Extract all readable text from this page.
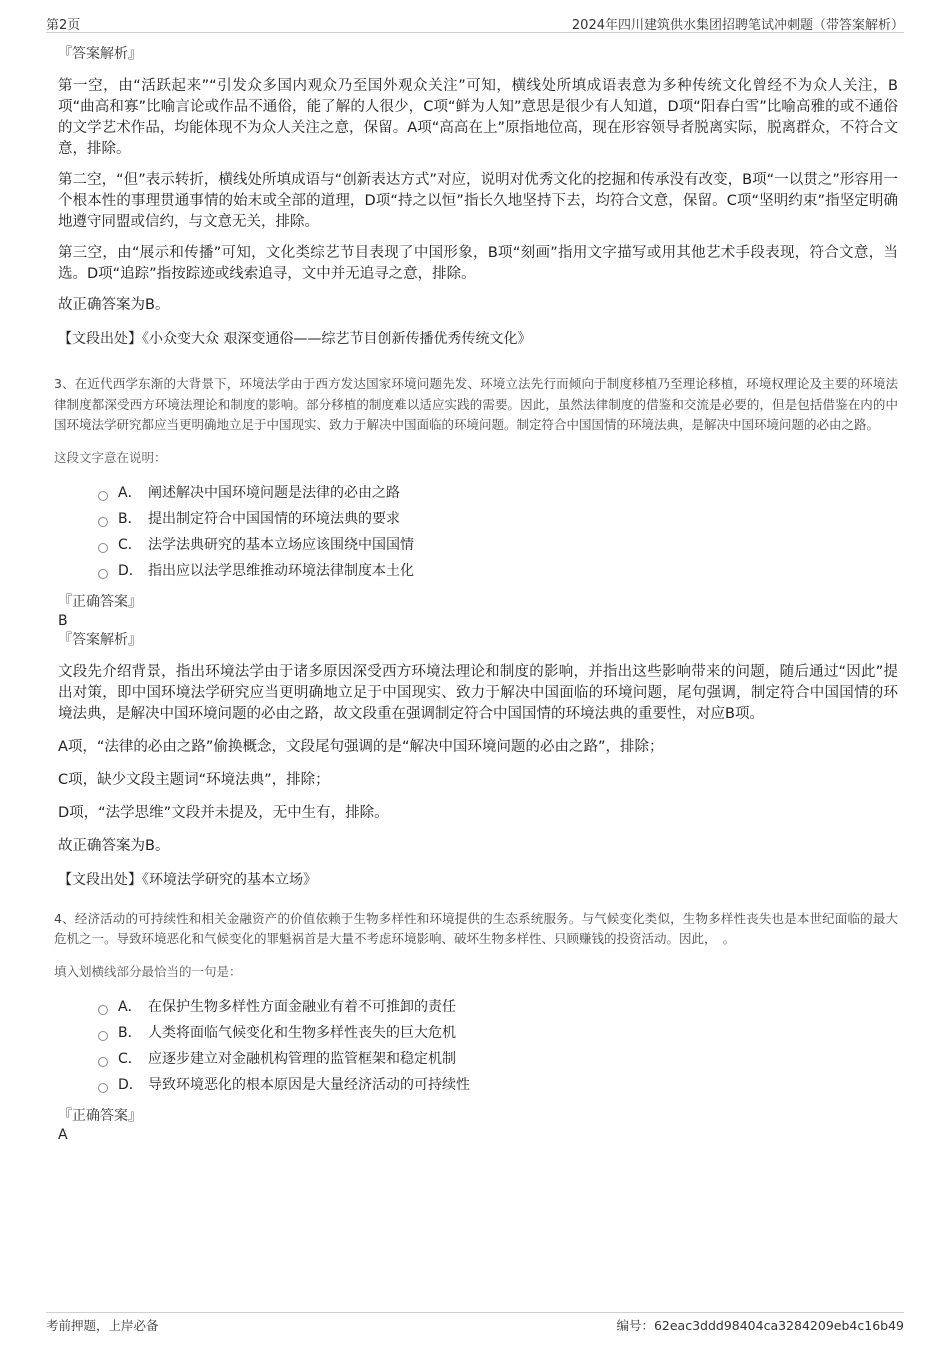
第2页	2024年四川建筑供水集团招聘笔试冲刺题（带答案解析）

『答案解析』

第一空，由“活跃起来”“引发众多国内观众乃至国外观众关注”可知，横线处所填成语表意为多种传统文化曾经不为众人关注，B项“曲高和寡”比喻言论或作品不通俗，能了解的人很少，C项“鲜为人知”意思是很少有人知道，D项“阳春白雪”比喻高雅的或不通俗的文学艺术作品，均能体现不为众人关注之意，保留。A项“高高在上”原指地位高，现在形容领导者脱离实际，脱离群众，不符合文意，排除。

第二空，“但”表示转折，横线处所填成语与“创新表达方式”对应，说明对优秀文化的挖掘和传承没有改变，B项“一以贯之”形容用一个根本性的事理贯通事情的始末或全部的道理，D项“持之以恒”指长久地坚持下去，均符合文意，保留。C项“坚明约束”指坚定明确地遵守同盟或信约，与文意无关，排除。

第三空，由“展示和传播”可知，文化类综艺节目表现了中国形象，B项“刻画”指用文字描写或用其他艺术手段表现，符合文意，当选。D项“追踪”指按踪迹或线索追寻，文中并无追寻之意，排除。

故正确答案为B。

【文段出处】《小众变大众 艰深变通俗——综艺节目创新传播优秀传统文化》

3、在近代西学东渐的大背景下，环境法学由于西方发达国家环境问题先发、环境立法先行而倾向于制度移植乃至理论移植，环境权理论及主要的环境法律制度都深受西方环境法理论和制度的影响。部分移植的制度难以适应实践的需要。因此，虽然法律制度的借鉴和交流是必要的，但是包括借鉴在内的中国环境法学研究都应当更明确地立足于中国现实、致力于解决中国面临的环境问题。制定符合中国国情的环境法典，是解决中国环境问题的必由之路。

这段文字意在说明：

A． 阐述解决中国环境问题是法律的必由之路
B． 提出制定符合中国国情的环境法典的要求
C． 法学法典研究的基本立场应该围绕中国国情
D． 指出应以法学思维推动环境法律制度本土化

『正确答案』

B

『答案解析』

文段先介绍背景，指出环境法学由于诸多原因深受西方环境法理论和制度的影响，并指出这些影响带来的问题，随后通过“因此”提出对策，即中国环境法学研究应当更明确地立足于中国现实、致力于解决中国面临的环境问题，尾句强调，制定符合中国国情的环境法典，是解决中国环境问题的必由之路，故文段重在强调制定符合中国国情的环境法典的重要性，对应B项。

A项，“法律的必由之路”偷换概念，文段尾句强调的是“解决中国环境问题的必由之路”，排除；

C项，缺少文段主题词“环境法典”，排除；

D项，“法学思维”文段并未提及，无中生有，排除。

故正确答案为B。

【文段出处】《环境法学研究的基本立场》

4、经济活动的可持续性和相关金融资产的价值依赖于生物多样性和环境提供的生态系统服务。与气候变化类似，生物多样性丧失也是本世纪面临的最大危机之一。导致环境恶化和气候变化的罪魁祸首是大量不考虑环境影响、破坏生物多样性、只顾赚钱的投资活动。因此，　。

填入划横线部分最恰当的一句是：

A． 在保护生物多样性方面金融业有着不可推卸的责任
B． 人类将面临气候变化和生物多样性丧失的巨大危机
C． 应逐步建立对金融机构管理的监管框架和稳定机制
D． 导致环境恶化的根本原因是大量经济活动的可持续性

『正确答案』

A

考前押题，上岸必备	编号：62eac3ddd98404ca3284209eb4c16b49
